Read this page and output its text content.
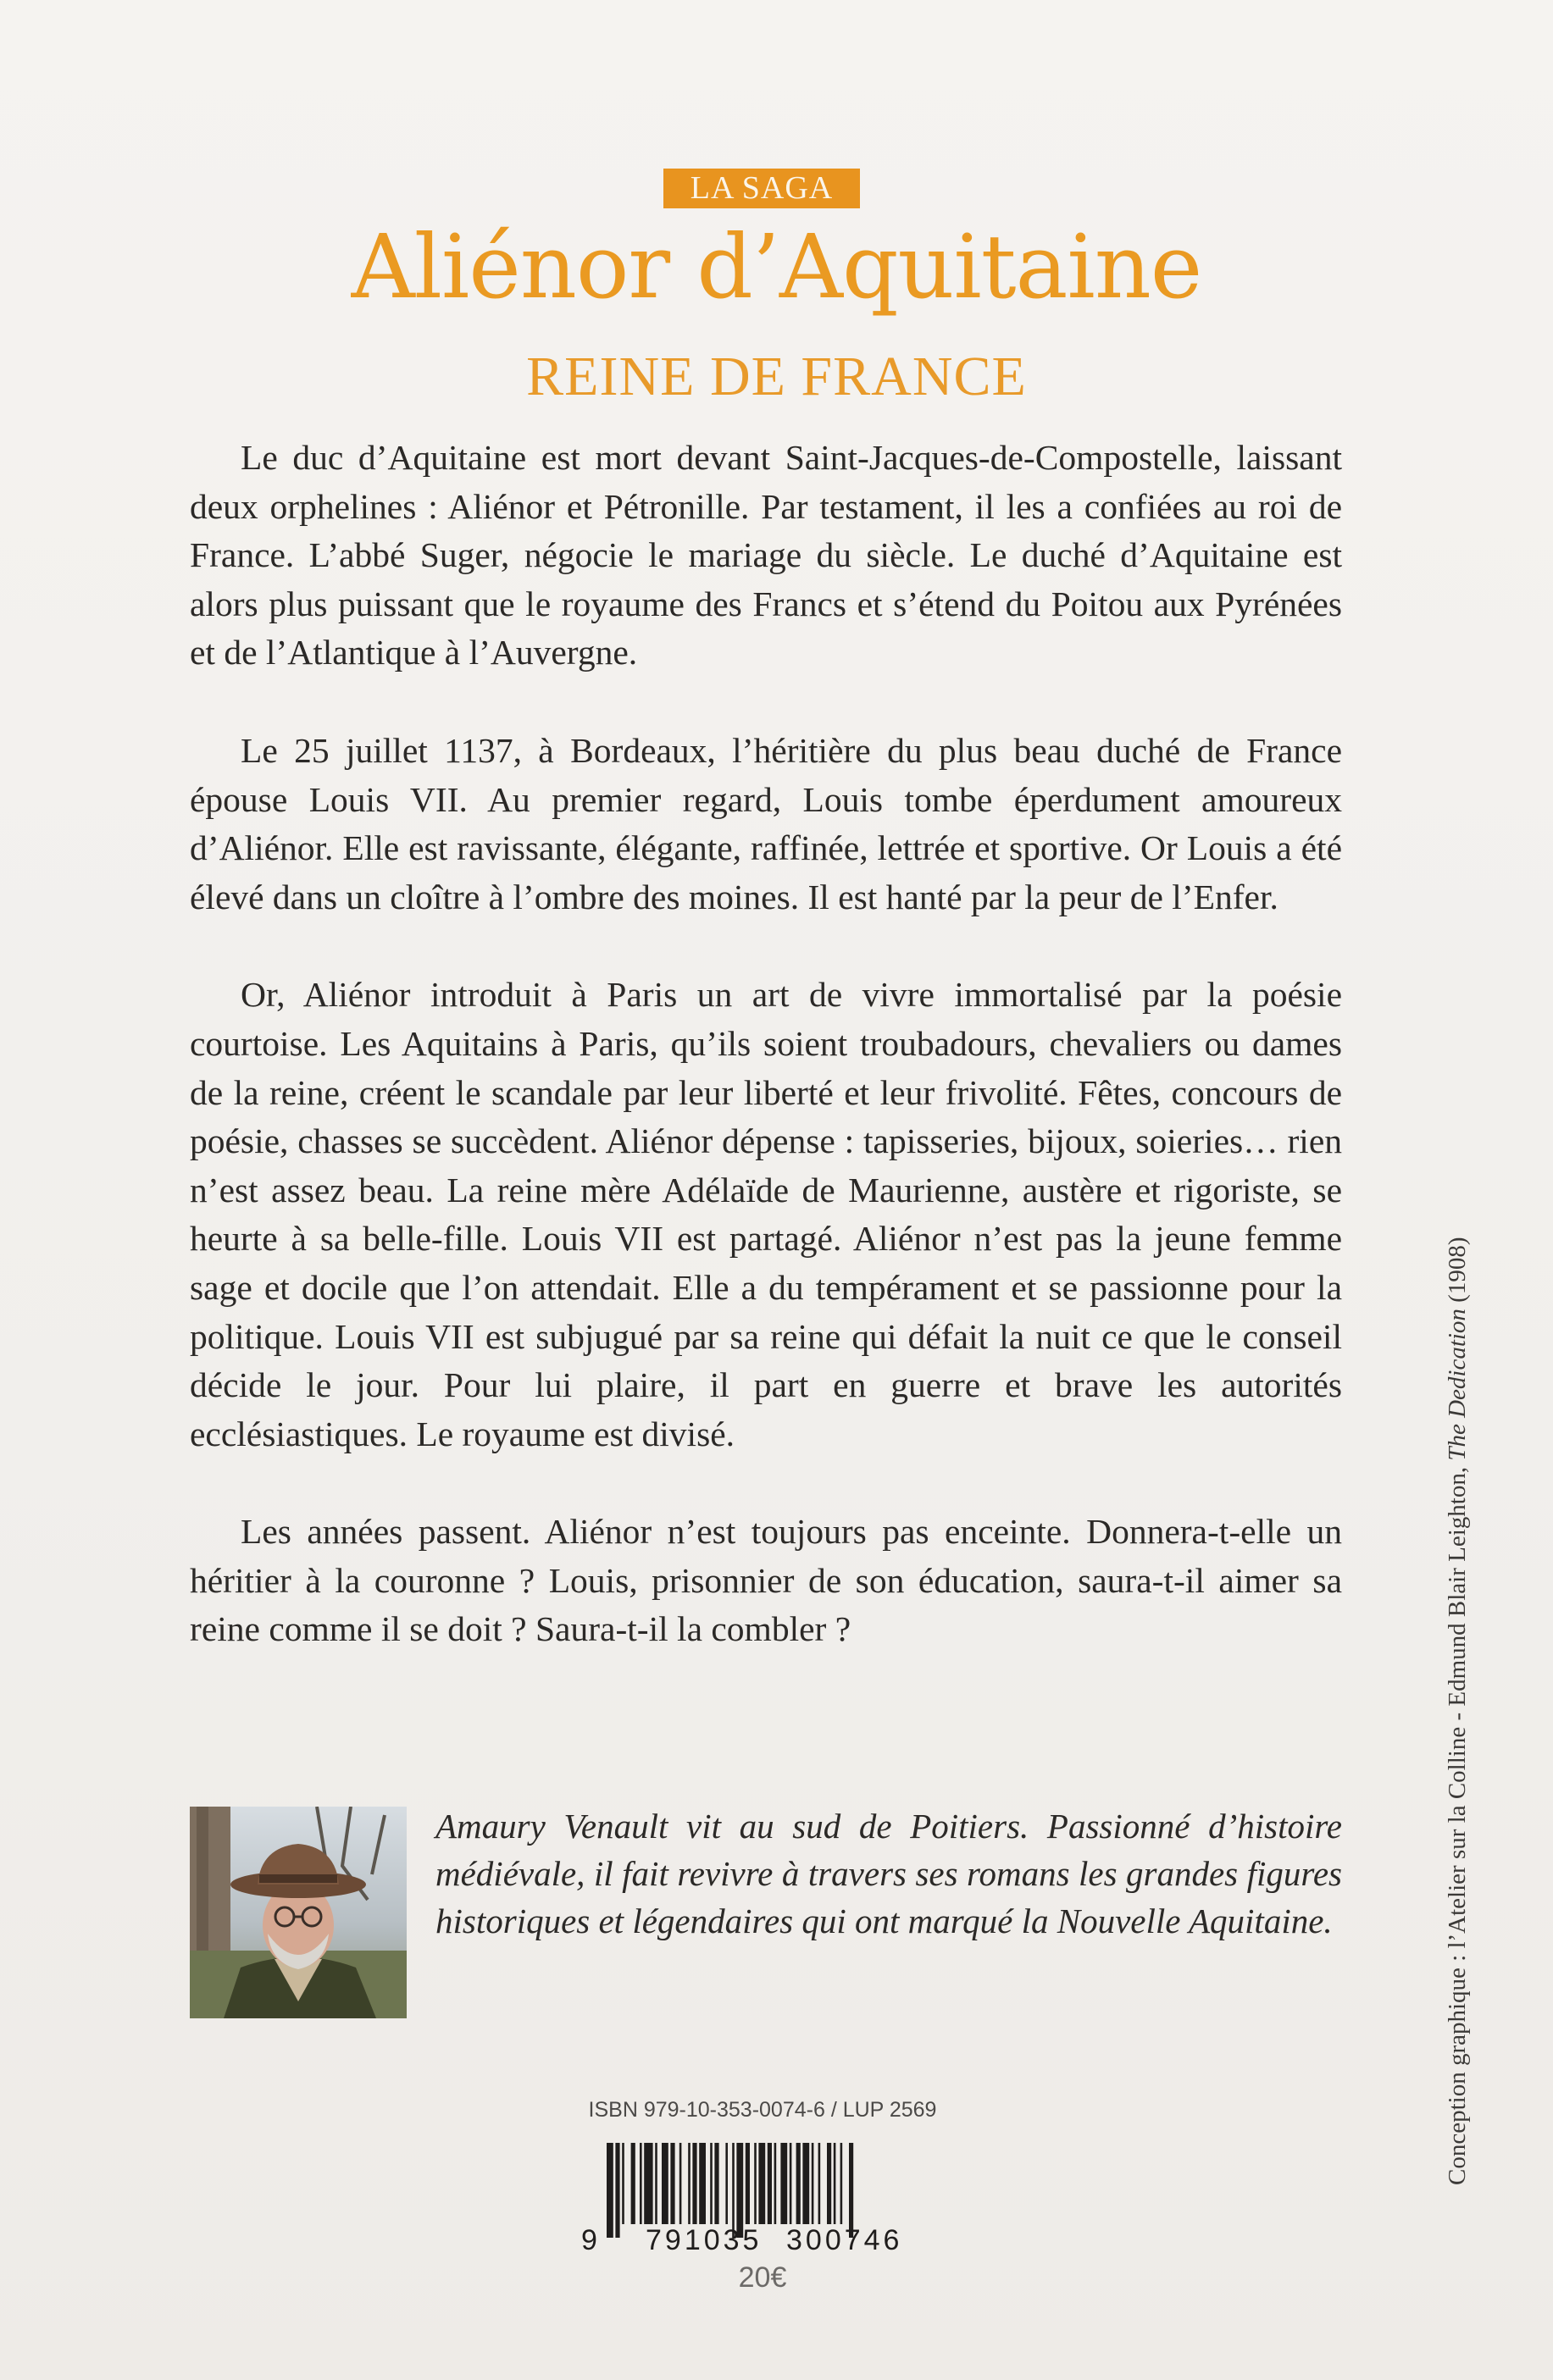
LA SAGA
Aliénor d’Aquitaine
REINE DE FRANCE

Le duc d’Aquitaine est mort devant Saint-Jacques-de-Compostelle, laissant deux orphelines : Aliénor et Pétronille. Par testament, il les a confiées au roi de France. L’abbé Suger, négocie le mariage du siècle. Le duché d’Aquitaine est alors plus puissant que le royaume des Francs et s’étend du Poitou aux Pyrénées et de l’Atlantique à l’Auvergne.

Le 25 juillet 1137, à Bordeaux, l’héritière du plus beau duché de France épouse Louis VII. Au premier regard, Louis tombe éperdument amoureux d’Aliénor. Elle est ravissante, élégante, raffinée, lettrée et sportive. Or Louis a été élevé dans un cloître à l’ombre des moines. Il est hanté par la peur de l’Enfer.

Or, Aliénor introduit à Paris un art de vivre immortalisé par la poésie courtoise. Les Aquitains à Paris, qu’ils soient troubadours, chevaliers ou dames de la reine, créent le scandale par leur liberté et leur frivolité. Fêtes, concours de poésie, chasses se succèdent. Aliénor dépense : tapisseries, bijoux, soieries… rien n’est assez beau. La reine mère Adélaïde de Maurienne, austère et rigoriste, se heurte à sa belle-fille. Louis VII est partagé. Aliénor n’est pas la jeune femme sage et docile que l’on attendait. Elle a du tempérament et se passionne pour la politique. Louis VII est subjugué par sa reine qui défait la nuit ce que le conseil décide le jour. Pour lui plaire, il part en guerre et brave les autorités ecclésiastiques. Le royaume est divisé.

Les années passent. Aliénor n’est toujours pas enceinte. Donnera-t-elle un héritier à la couronne ? Louis, prisonnier de son éducation, saura-t-il aimer sa reine comme il se doit ? Saura-t-il la combler ?

Amaury Venault vit au sud de Poitiers. Passionné d’histoire médiévale, il fait revivre à travers ses romans les grandes figures historiques et légendaires qui ont marqué la Nouvelle Aquitaine.
ISBN 979-10-353-0074-6 / LUP 2569
9 791035 300746
20€
Conception graphique : l’Atelier sur la Colline - Edmund Blair Leighton, The Dedication (1908)
